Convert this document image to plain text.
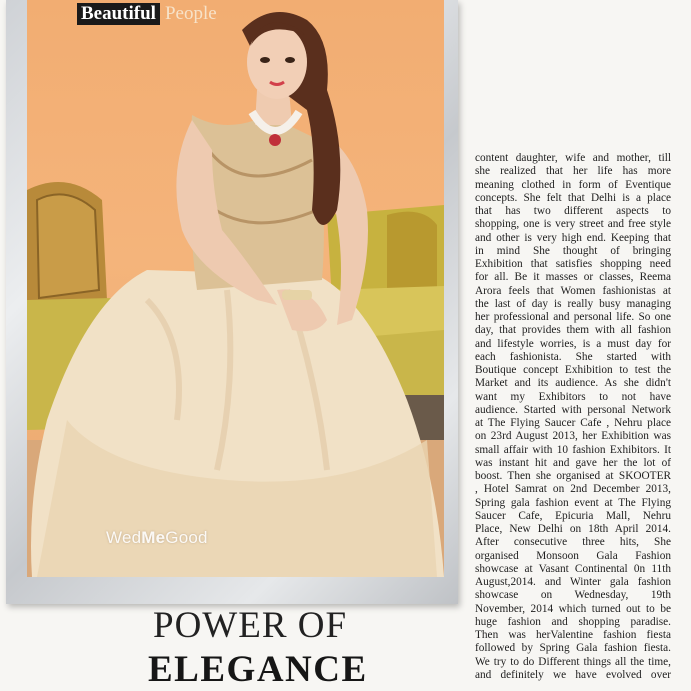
Beautiful People
WedMeGood
POWER OF
ELEGANCE
content daughter, wife and mother, till
she realized that her life has more
meaning clothed in form of Eventique
concepts. She felt that Delhi is a place
that has two different aspects to
shopping, one is very street and free style
and other is very high end. Keeping that
in mind She thought of bringing
Exhibition that satisfies shopping need
for all. Be it masses or classes, Reema
Arora feels that Women fashionistas at
the last of day is really busy managing
her professional and personal life. So one
day, that provides them with all fashion
and lifestyle worries, is a must day for
each fashionista. She started with
Boutique concept Exhibition to test the
Market and its audience. As she didn't
want my Exhibitors to not have
audience. Started with personal Network
at The Flying Saucer Cafe , Nehru place
on 23rd August 2013, her Exhibition was
small affair with 10 fashion Exhibitors. It
was instant hit and gave her the lot of
boost. Then she organised at SKOOTER
, Hotel Samrat on 2nd December 2013,
Spring gala fashion event at The Flying
Saucer Cafe, Epicuria Mall, Nehru
Place, New Delhi on 18th April 2014.
After consecutive three hits, She
organised Monsoon Gala Fashion
showcase at Vasant Continental 0n 11th
August,2014. and Winter gala fashion
showcase on Wednesday, 19th
November, 2014 which turned out to be
huge fashion and shopping paradise.
Then was herValentine fashion fiesta
followed by Spring Gala fashion fiesta.
We try to do Different things all the time,
and definitely we have evolved over
